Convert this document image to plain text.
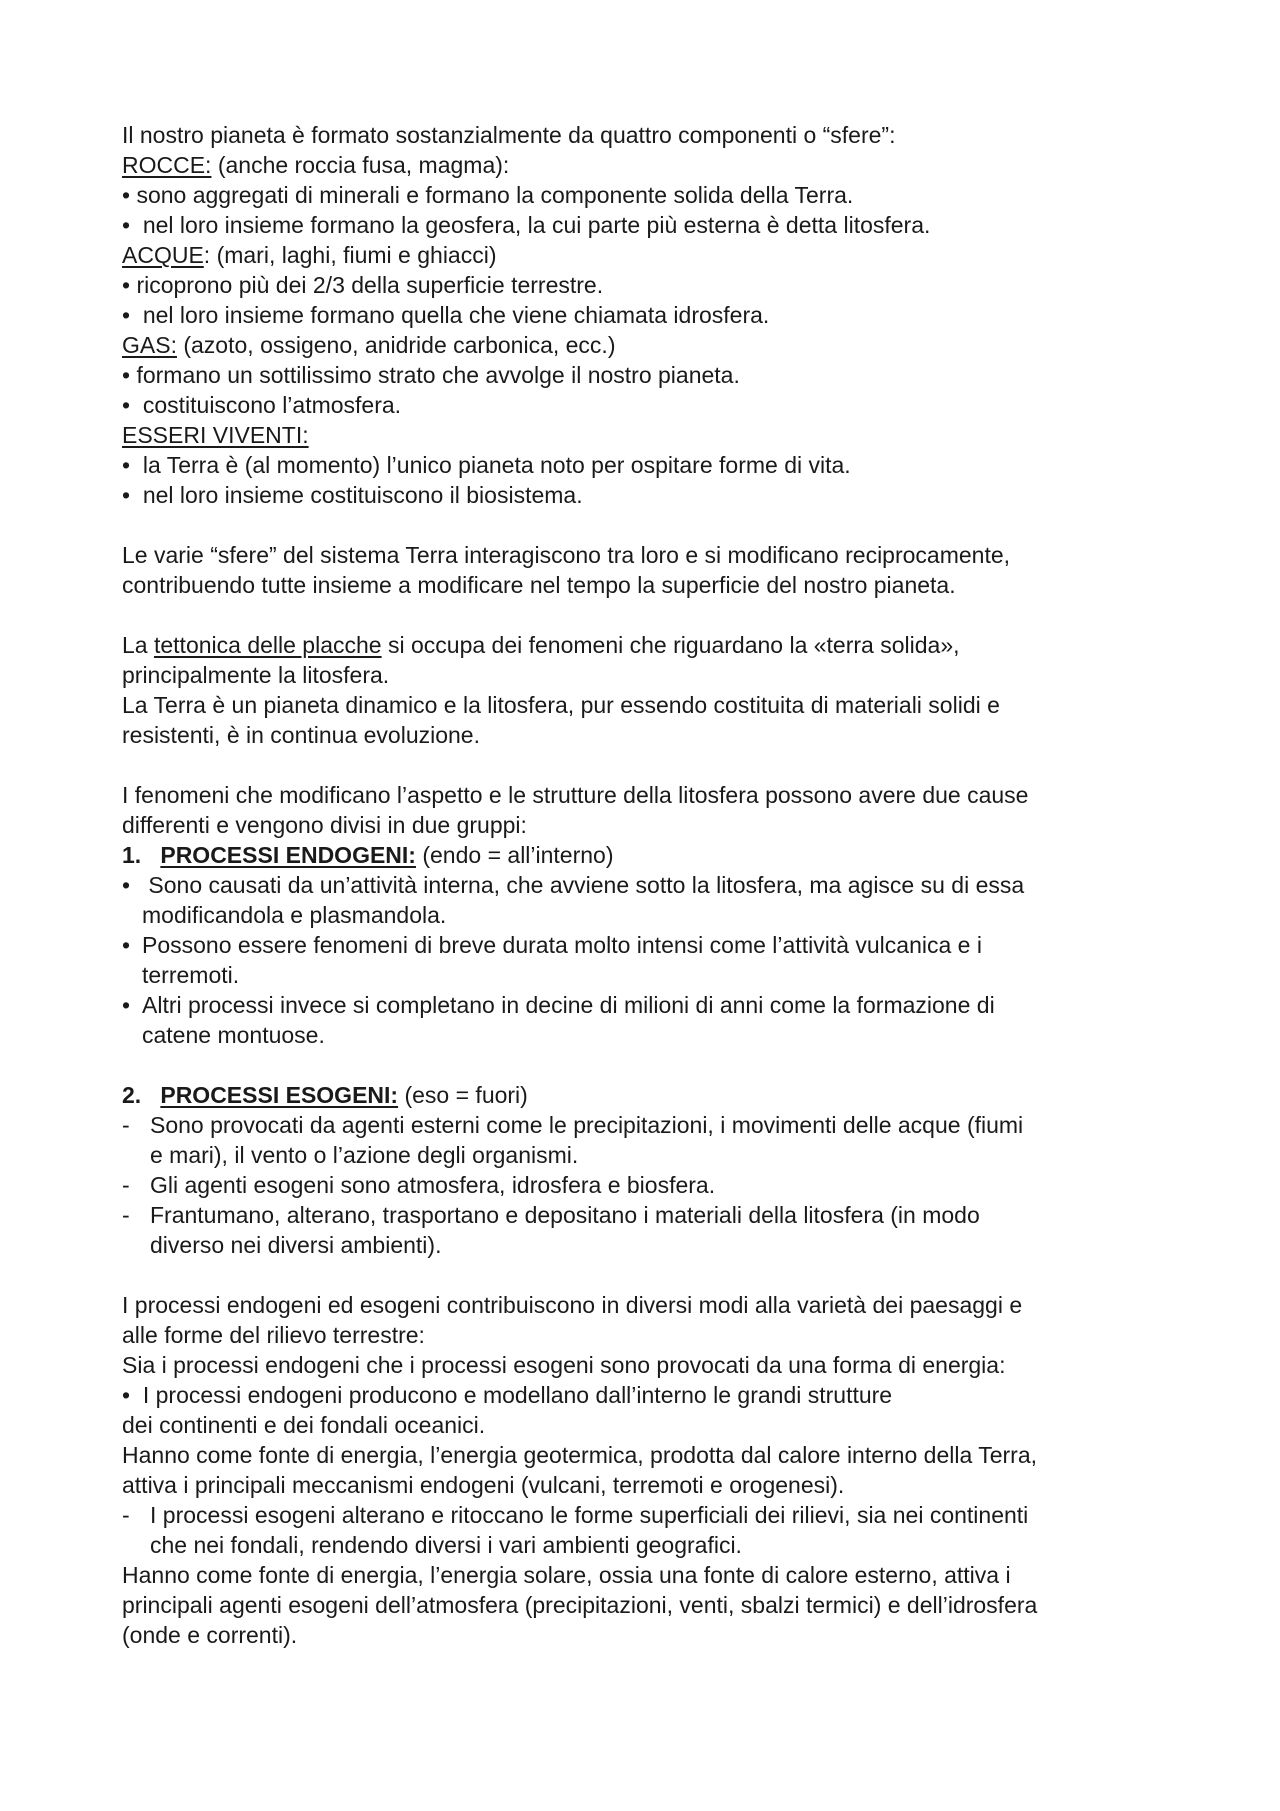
Il nostro pianeta è formato sostanzialmente da quattro componenti o “sfere”:
ROCCE: (anche roccia fusa, magma):
• sono aggregati di minerali e formano la componente solida della Terra.
•  nel loro insieme formano la geosfera, la cui parte più esterna è detta litosfera.
ACQUE: (mari, laghi, fiumi e ghiacci)
• ricoprono più dei 2/3 della superficie terrestre.
•  nel loro insieme formano quella che viene chiamata idrosfera.
GAS: (azoto, ossigeno, anidride carbonica, ecc.)
• formano un sottilissimo strato che avvolge il nostro pianeta.
•  costituiscono l’atmosfera.
ESSERI VIVENTI:
•  la Terra è (al momento) l’unico pianeta noto per ospitare forme di vita.
•  nel loro insieme costituiscono il biosistema.
Le varie “sfere” del sistema Terra interagiscono tra loro e si modificano reciprocamente,
contribuendo tutte insieme a modificare nel tempo la superficie del nostro pianeta.
La tettonica delle placche si occupa dei fenomeni che riguardano la «terra solida»,
principalmente la litosfera.
La Terra è un pianeta dinamico e la litosfera, pur essendo costituita di materiali solidi e
resistenti, è in continua evoluzione.
I fenomeni che modificano l’aspetto e le strutture della litosfera possono avere due cause
differenti e vengono divisi in due gruppi:
1. PROCESSI ENDOGENI: (endo = all’interno)
• Sono causati da un’attività interna, che avviene sotto la litosfera, ma agisce su di essa
modificandola e plasmandola.
• Possono essere fenomeni di breve durata molto intensi come l’attività vulcanica e i
terremoti.
• Altri processi invece si completano in decine di milioni di anni come la formazione di
catene montuose.
2. PROCESSI ESOGENI: (eso = fuori)
- Sono provocati da agenti esterni come le precipitazioni, i movimenti delle acque (fiumi
e mari), il vento o l’azione degli organismi.
- Gli agenti esogeni sono atmosfera, idrosfera e biosfera.
- Frantumano, alterano, trasportano e depositano i materiali della litosfera (in modo
diverso nei diversi ambienti).
I processi endogeni ed esogeni contribuiscono in diversi modi alla varietà dei paesaggi e
alle forme del rilievo terrestre:
Sia i processi endogeni che i processi esogeni sono provocati da una forma di energia:
•  I processi endogeni producono e modellano dall’interno le grandi strutture
dei continenti e dei fondali oceanici.
Hanno come fonte di energia, l’energia geotermica, prodotta dal calore interno della Terra,
attiva i principali meccanismi endogeni (vulcani, terremoti e orogenesi).
- I processi esogeni alterano e ritoccano le forme superficiali dei rilievi, sia nei continenti
che nei fondali, rendendo diversi i vari ambienti geografici.
Hanno come fonte di energia, l’energia solare, ossia una fonte di calore esterno, attiva i
principali agenti esogeni dell’atmosfera (precipitazioni, venti, sbalzi termici) e dell’idrosfera
(onde e correnti).
